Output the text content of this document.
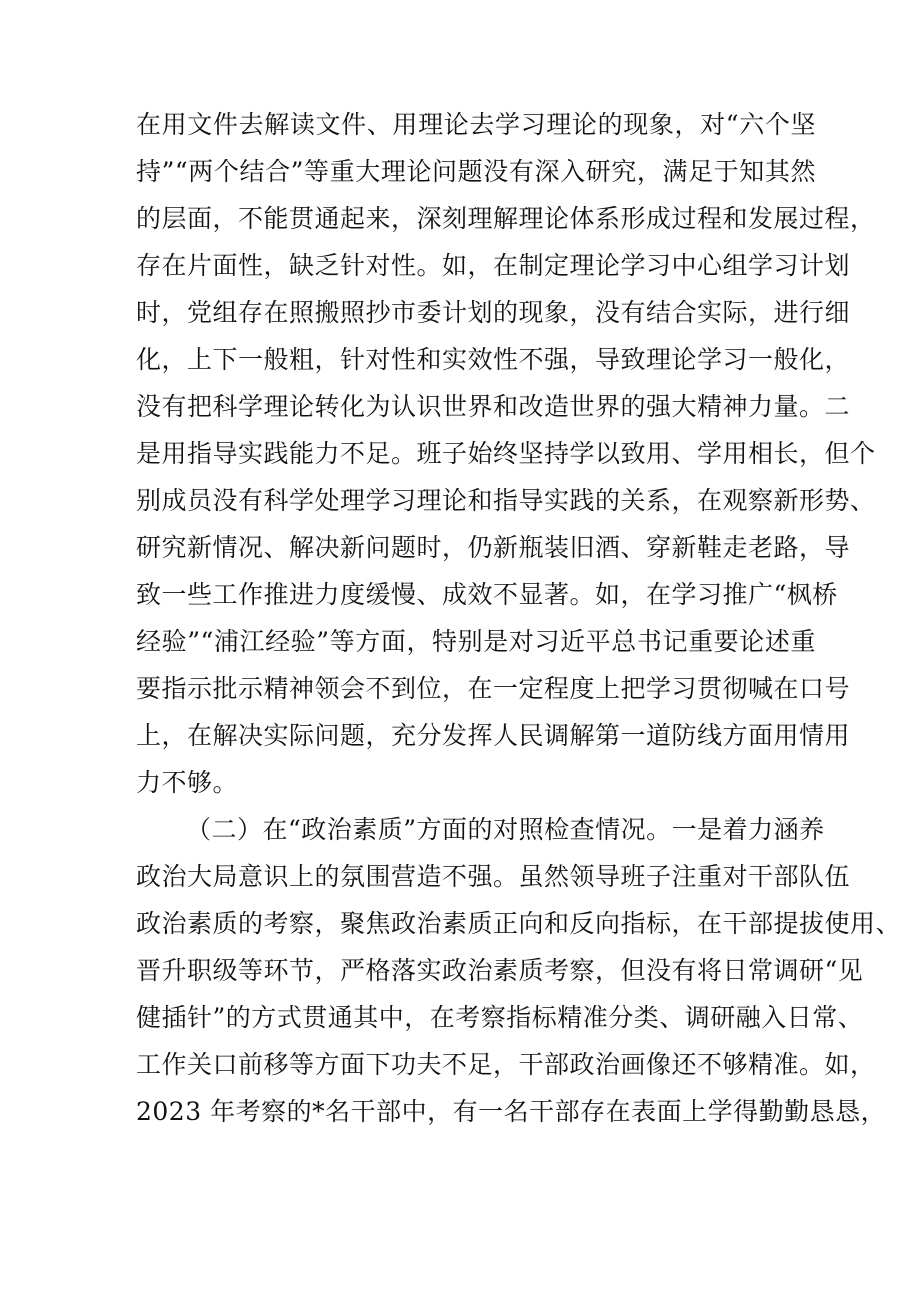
在用文件去解读文件、用理论去学习理论的现象，对“六个坚
持”“两个结合”等重大理论问题没有深入研究，满足于知其然
的层面，不能贯通起来，深刻理解理论体系形成过程和发展过程，
存在片面性，缺乏针对性。如，在制定理论学习中心组学习计划
时，党组存在照搬照抄市委计划的现象，没有结合实际，进行细
化，上下一般粗，针对性和实效性不强，导致理论学习一般化，
没有把科学理论转化为认识世界和改造世界的强大精神力量。二
是用指导实践能力不足。班子始终坚持学以致用、学用相长，但个
别成员没有科学处理学习理论和指导实践的关系，在观察新形势、
研究新情况、解决新问题时，仍新瓶装旧酒、穿新鞋走老路，导
致一些工作推进力度缓慢、成效不显著。如，在学习推广“枫桥
经验”“浦江经验”等方面，特别是对习近平总书记重要论述重
要指示批示精神领会不到位，在一定程度上把学习贯彻喊在口号
上，在解决实际问题，充分发挥人民调解第一道防线方面用情用
力不够。
（二）在“政治素质”方面的对照检查情况。一是着力涵养
政治大局意识上的氛围营造不强。虽然领导班子注重对干部队伍
政治素质的考察，聚焦政治素质正向和反向指标，在干部提拔使用、
晋升职级等环节，严格落实政治素质考察，但没有将日常调研“见
健插针”的方式贯通其中，在考察指标精准分类、调研融入日常、
工作关口前移等方面下功夫不足，干部政治画像还不够精准。如，
2023 年考察的*名干部中，有一名干部存在表面上学得勤勤恳恳，
